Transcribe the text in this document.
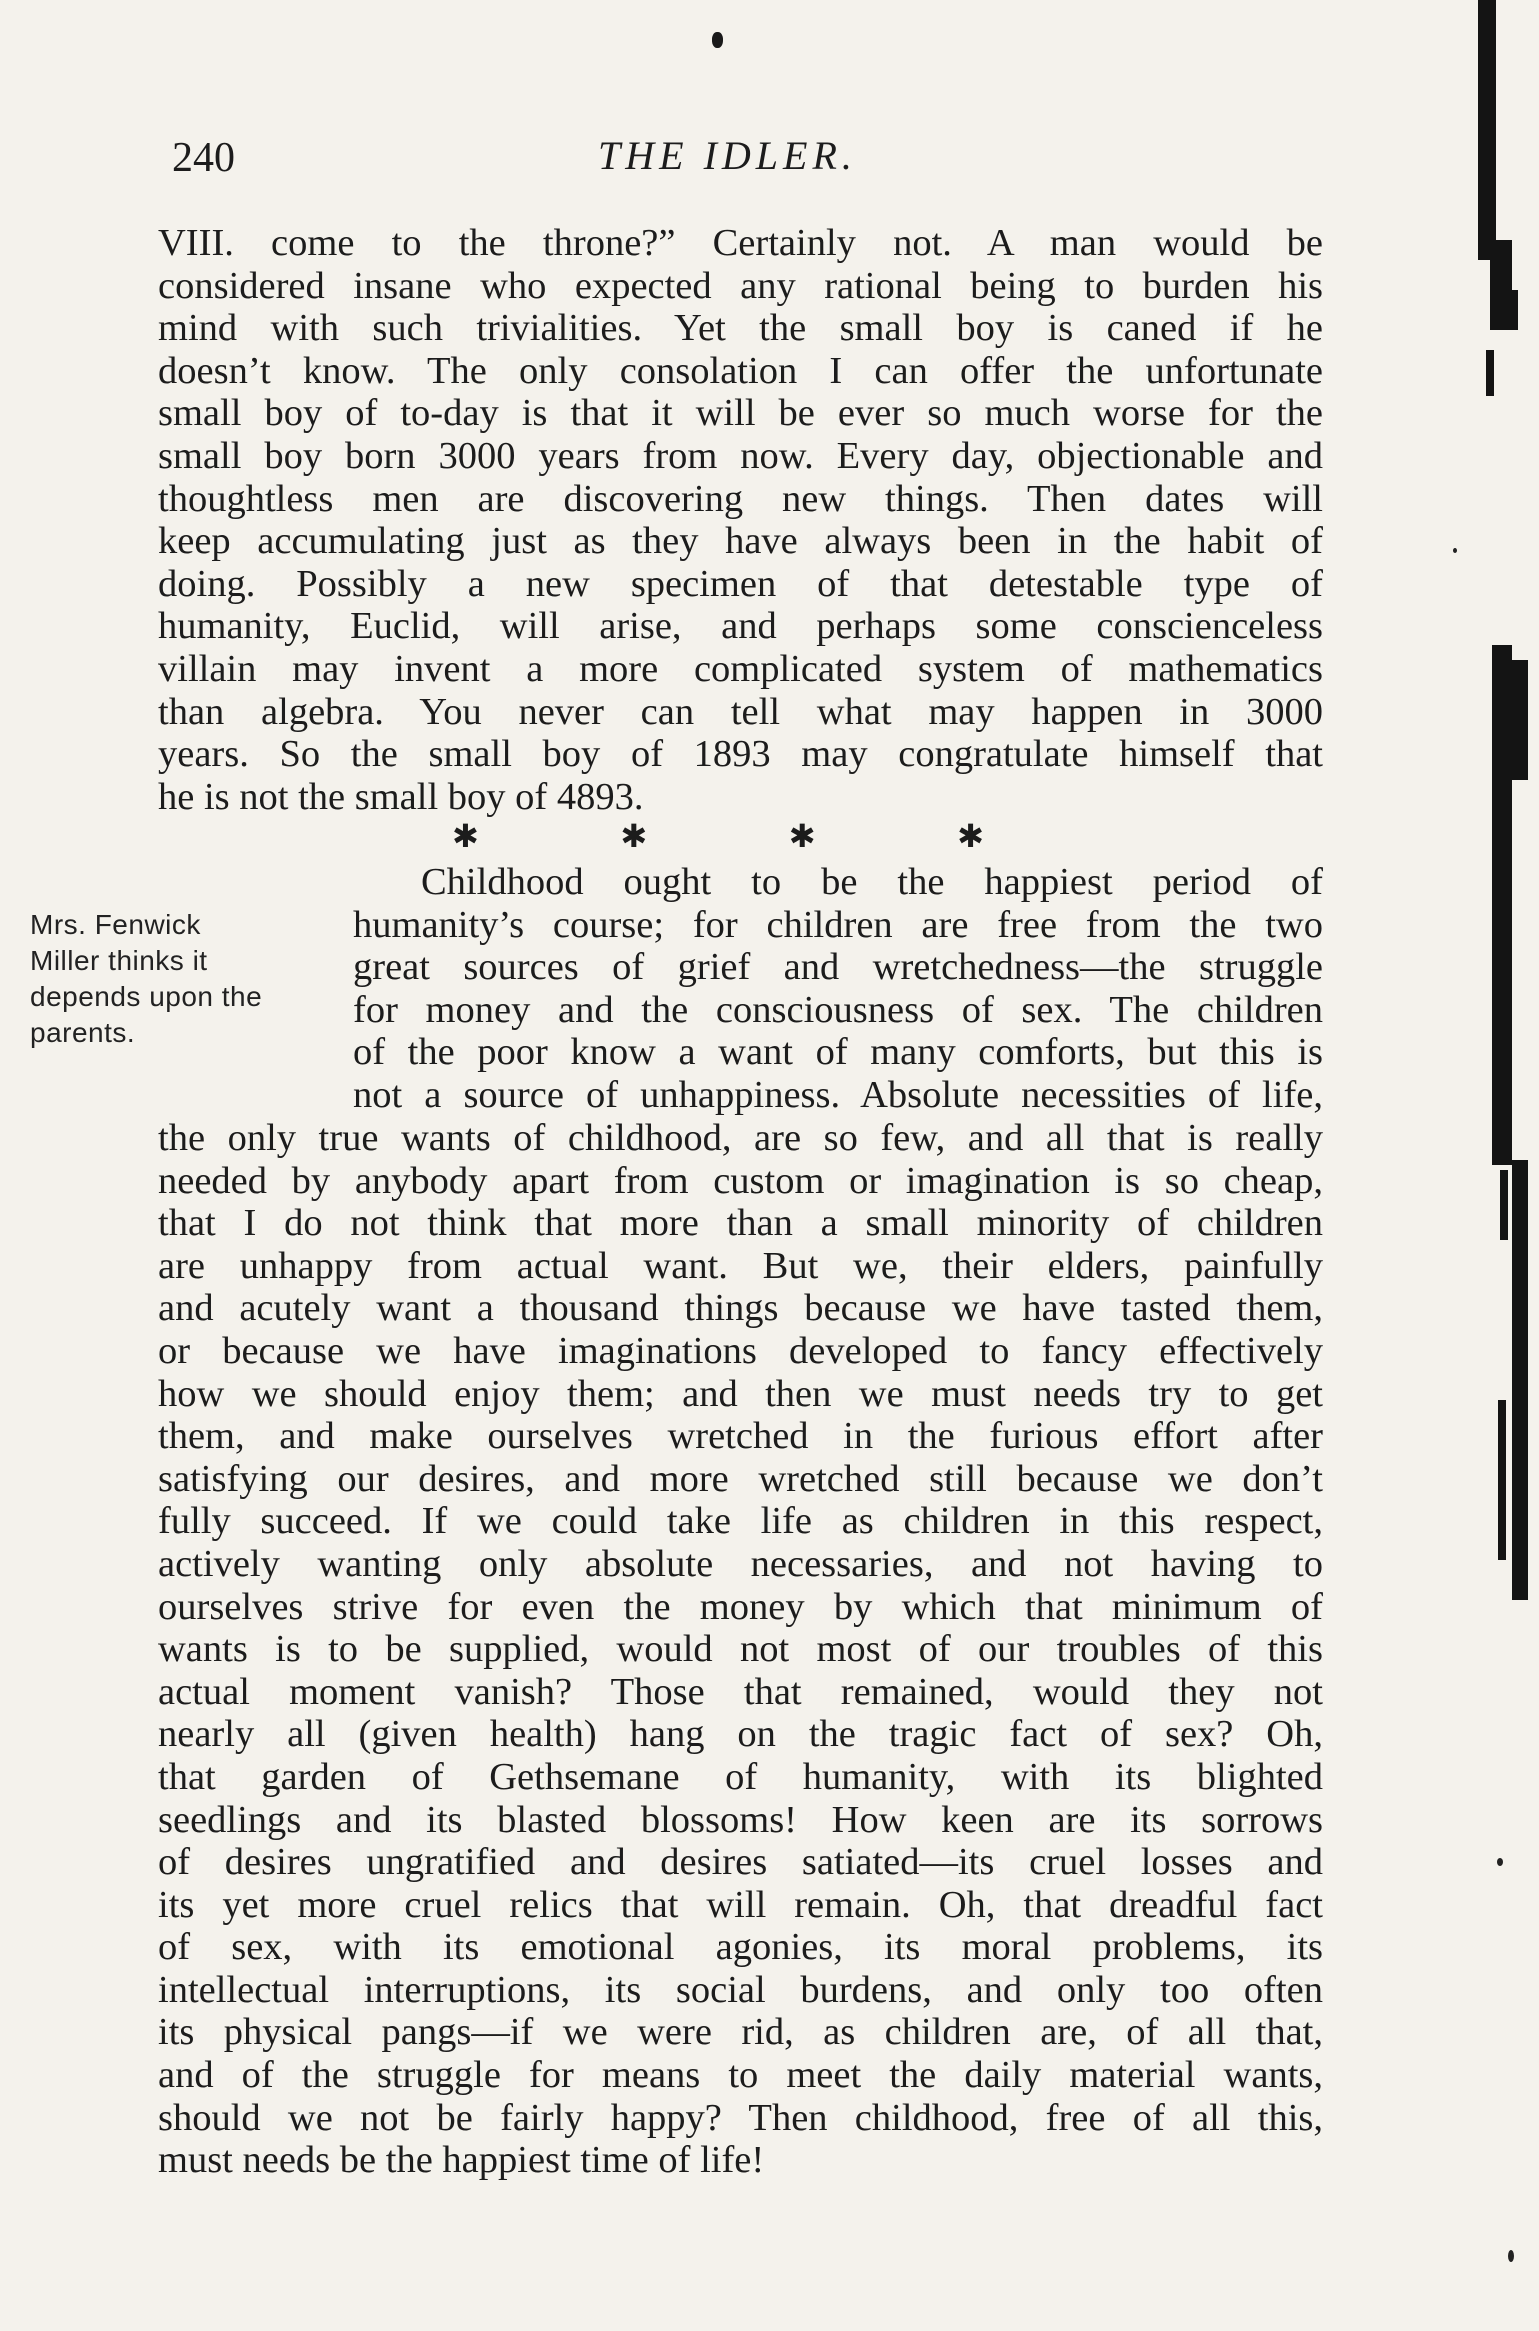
240	THE IDLER.
VIII. come to the throne?” Certainly not. A man would be
considered insane who expected any rational being to burden his
mind with such trivialities. Yet the small boy is caned if he
doesn’t know. The only consolation I can offer the unfortunate
small boy of to-day is that it will be ever so much worse for the
small boy born 3000 years from now. Every day, objectionable and
thoughtless men are discovering new things. Then dates will
keep accumulating just as they have always been in the habit of
doing. Possibly a new specimen of that detestable type of
humanity, Euclid, will arise, and perhaps some conscienceless
villain may invent a more complicated system of mathematics
than algebra. You never can tell what may happen in 3000
years. So the small boy of 1893 may congratulate himself that
he is not the small boy of 4893.
✱	✱	✱	✱
Mrs. Fenwick
Miller thinks it
depends upon the
parents.
Childhood ought to be the happiest period of
humanity’s course; for children are free from the two
great sources of grief and wretchedness—the struggle
for money and the consciousness of sex. The children
of the poor know a want of many comforts, but this is
not a source of unhappiness. Absolute necessities of life,
the only true wants of childhood, are so few, and all that is really
needed by anybody apart from custom or imagination is so cheap,
that I do not think that more than a small minority of children
are unhappy from actual want. But we, their elders, painfully
and acutely want a thousand things because we have tasted them,
or because we have imaginations developed to fancy effectively
how we should enjoy them; and then we must needs try to get
them, and make ourselves wretched in the furious effort after
satisfying our desires, and more wretched still because we don’t
fully succeed. If we could take life as children in this respect,
actively wanting only absolute necessaries, and not having to
ourselves strive for even the money by which that minimum of
wants is to be supplied, would not most of our troubles of this
actual moment vanish? Those that remained, would they not
nearly all (given health) hang on the tragic fact of sex? Oh,
that garden of Gethsemane of humanity, with its blighted
seedlings and its blasted blossoms! How keen are its sorrows
of desires ungratified and desires satiated—its cruel losses and
its yet more cruel relics that will remain. Oh, that dreadful fact
of sex, with its emotional agonies, its moral problems, its
intellectual interruptions, its social burdens, and only too often
its physical pangs—if we were rid, as children are, of all that,
and of the struggle for means to meet the daily material wants,
should we not be fairly happy? Then childhood, free of all this,
must needs be the happiest time of life!
